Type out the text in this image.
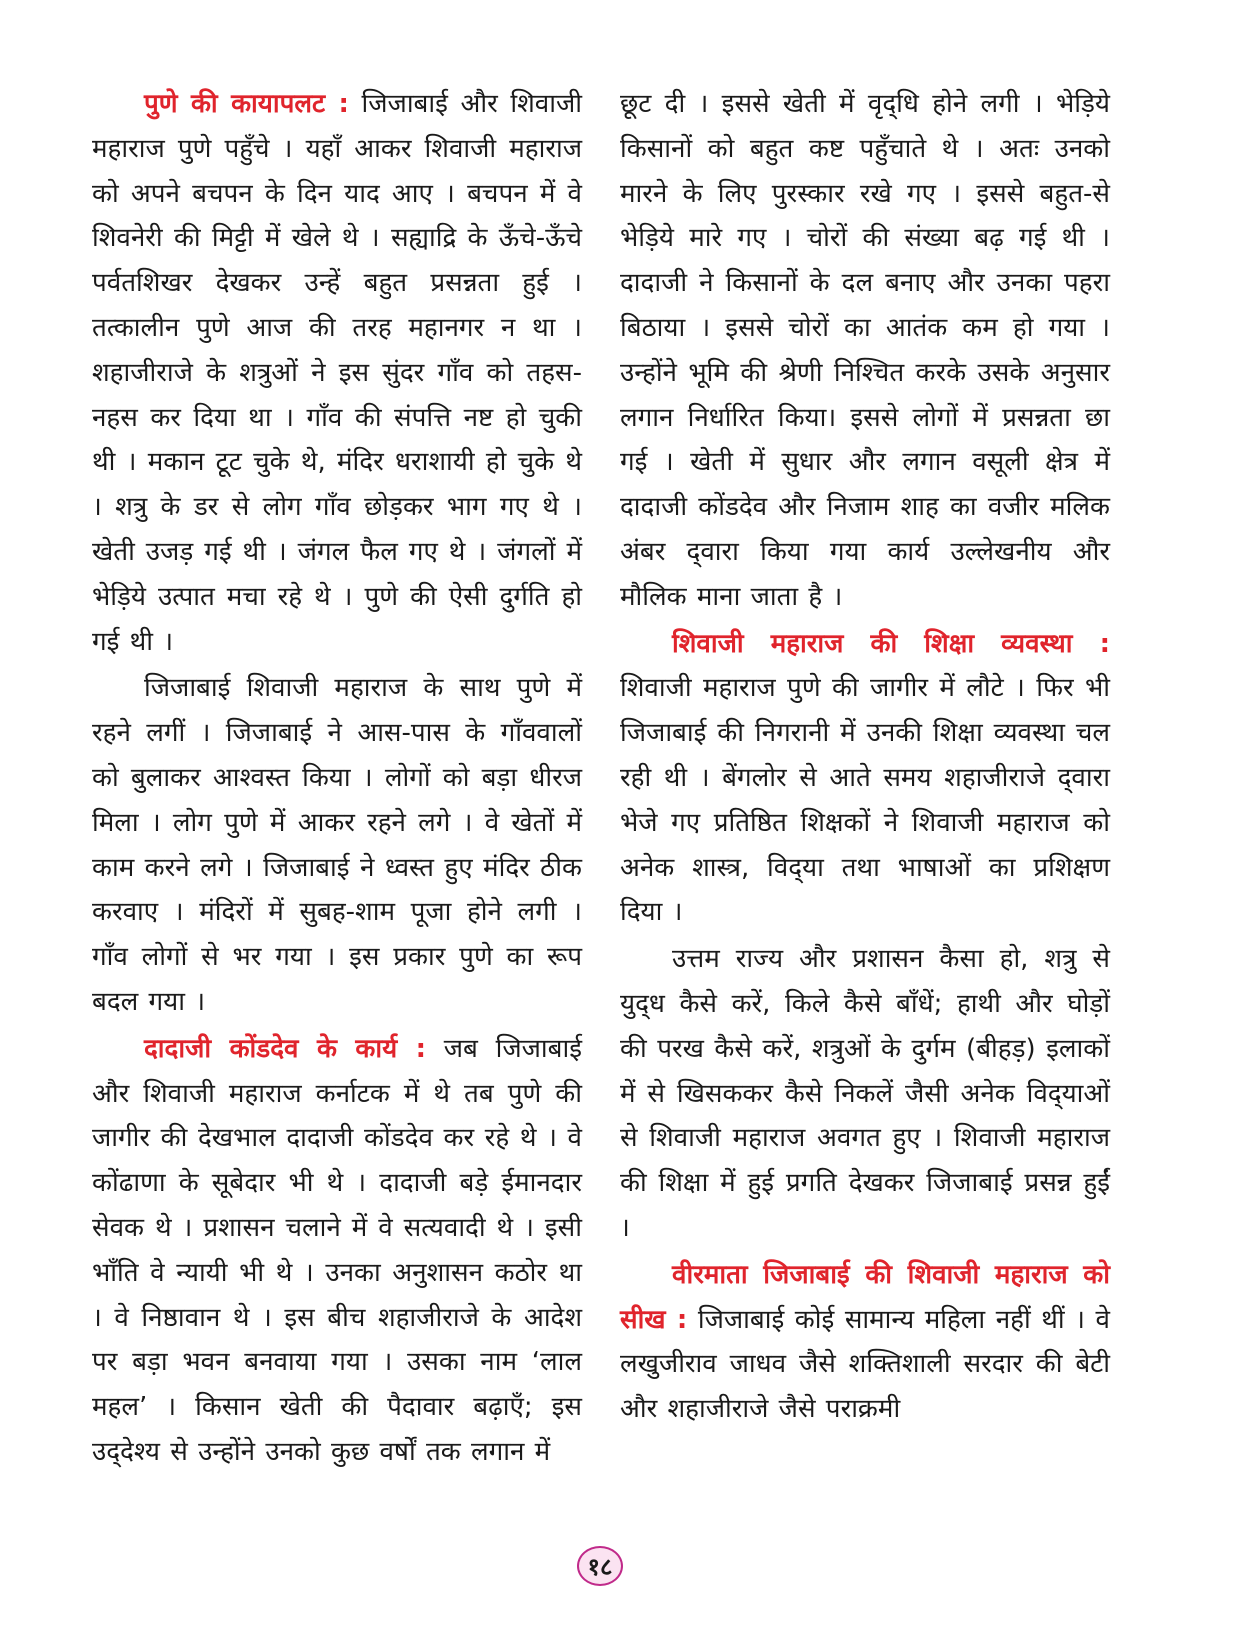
पुणे की कायापलट : जिजाबाई और शिवाजी महाराज पुणे पहुँचे । यहाँ आकर शिवाजी महाराज को अपने बचपन के दिन याद आए । बचपन में वे शिवनेरी की मिट्टी में खेले थे । सह्याद्रि के ऊँचे-ऊँचे पर्वतशिखर देखकर उन्हें बहुत प्रसन्नता हुई । तत्कालीन पुणे आज की तरह महानगर न था । शहाजीराजे के शत्रुओं ने इस सुंदर गाँव को तहस-नहस कर दिया था । गाँव की संपत्ति नष्ट हो चुकी थी । मकान टूट चुके थे, मंदिर धराशायी हो चुके थे । शत्रु के डर से लोग गाँव छोड़कर भाग गए थे । खेती उजड़ गई थी । जंगल फैल गए थे । जंगलों में भेड़िये उत्पात मचा रहे थे । पुणे की ऐसी दुर्गति हो गई थी ।

जिजाबाई शिवाजी महाराज के साथ पुणे में रहने लगीं । जिजाबाई ने आस-पास के गाँववालों को बुलाकर आश्वस्त किया । लोगों को बड़ा धीरज मिला । लोग पुणे में आकर रहने लगे । वे खेतों में काम करने लगे । जिजाबाई ने ध्वस्त हुए मंदिर ठीक करवाए । मंदिरों में सुबह-शाम पूजा होने लगी । गाँव लोगों से भर गया । इस प्रकार पुणे का रूप बदल गया ।

दादाजी कोंडदेव के कार्य : जब जिजाबाई और शिवाजी महाराज कर्नाटक में थे तब पुणे की जागीर की देखभाल दादाजी कोंडदेव कर रहे थे । वे कोंढाणा के सूबेदार भी थे । दादाजी बड़े ईमानदार सेवक थे । प्रशासन चलाने में वे सत्यवादी थे । इसी भाँति वे न्यायी भी थे । उनका अनुशासन कठोर था । वे निष्ठावान थे । इस बीच शहाजीराजे के आदेश पर बड़ा भवन बनवाया गया । उसका नाम ‘लाल महल’ । किसान खेती की पैदावार बढ़ाएँ; इस उद्‌देश्य से उन्होंने उनको कुछ वर्षों तक लगान में

छूट दी । इससे खेती में वृद्‌धि होने लगी । भेड़िये किसानों को बहुत कष्ट पहुँचाते थे । अतः उनको मारने के लिए पुरस्कार रखे गए । इससे बहुत-से भेड़िये मारे गए । चोरों की संख्या बढ़ गई थी । दादाजी ने किसानों के दल बनाए और उनका पहरा बिठाया । इससे चोरों का आतंक कम हो गया । उन्होंने भूमि की श्रेणी निश्चित करके उसके अनुसार लगान निर्धारित किया। इससे लोगों में प्रसन्नता छा गई । खेती में सुधार और लगान वसूली क्षेत्र में दादाजी कोंडदेव और निजाम शाह का वजीर मलिक अंबर द्‌वारा किया गया कार्य उल्लेखनीय और मौलिक माना जाता है ।

शिवाजी महाराज की शिक्षा व्यवस्था : शिवाजी महाराज पुणे की जागीर में लौटे । फिर भी जिजाबाई की निगरानी में उनकी शिक्षा व्यवस्था चल रही थी । बेंगलोर से आते समय शहाजीराजे द्‌वारा भेजे गए प्रतिष्ठित शिक्षकों ने शिवाजी महाराज को अनेक शास्त्र, विद्‌या तथा भाषाओं का प्रशिक्षण दिया ।

उत्तम राज्य और प्रशासन कैसा हो, शत्रु से युद्‌ध कैसे करें, किले कैसे बाँधें; हाथी और घोड़ों की परख कैसे करें, शत्रुओं के दुर्गम (बीहड़) इलाकों में से खिसककर कैसे निकलें जैसी अनेक विद्‌याओं से शिवाजी महाराज अवगत हुए । शिवाजी महाराज की शिक्षा में हुई प्रगति देखकर जिजाबाई प्रसन्न हुईं ।

वीरमाता जिजाबाई की शिवाजी महाराज को सीख : जिजाबाई कोई सामान्य महिला नहीं थीं । वे लखुजीराव जाधव जैसे शक्तिशाली सरदार की बेटी और शहाजीराजे जैसे पराक्रमी

१८
